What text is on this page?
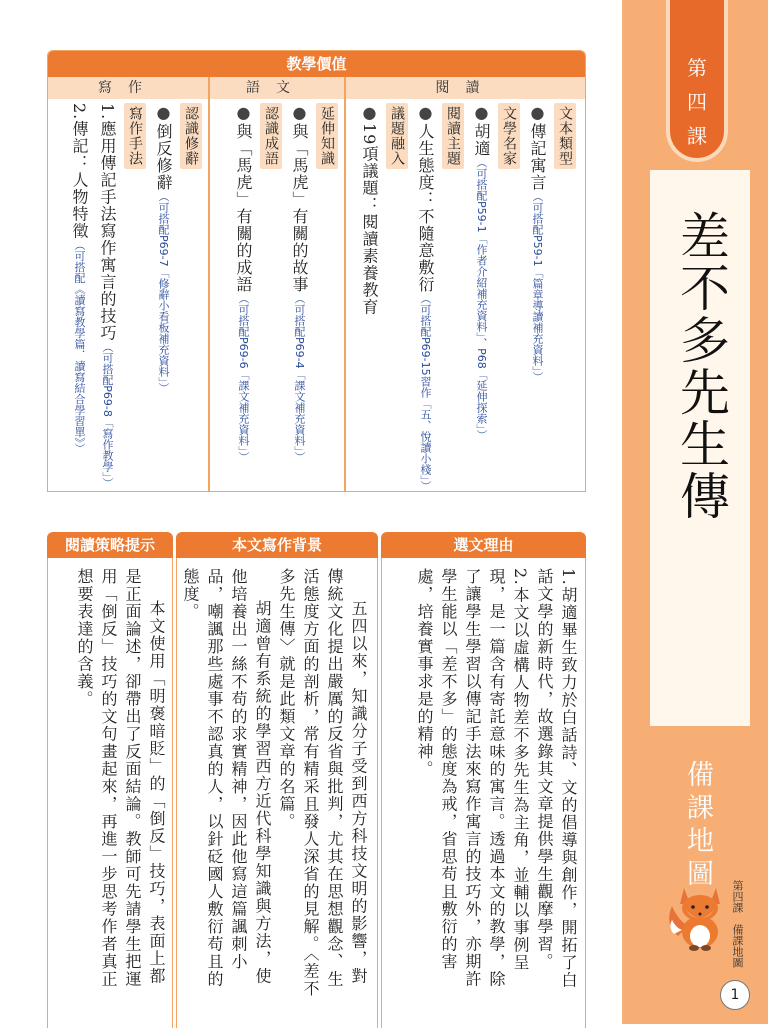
第
四
課
差不多先生傳
備課地圖
第四課　備課地圖
1
教學價值
寫作	語文	閱讀
文本類型
●傳記寓言（可搭配P59-1「篇章導讀補充資料」）
文學名家
●胡適（可搭配P59-1「作者介紹補充資料」、P68「延伸探索」）
閱讀主題
●人生態度：不隨意敷衍（可搭配P69-15習作「五、悅讀小棧」）
議題融入
●19項議題：閱讀素養教育
延伸知識
●與「馬虎」有關的故事（可搭配P69-4「課文補充資料」）
認識成語
●與「馬虎」有關的成語（可搭配P69-6「課文補充資料」）
認識修辭
●倒反修辭（可搭配P69-7「修辭小看板補充資料」）
寫作手法
1.應用傳記手法寫作寓言的技巧（可搭配P69-8「寫作教學」）
2.傳記：人物特徵（可搭配《讀寫教學篇．讀寫結合學習單》）
選文理由
本文寫作背景
閱讀策略提示
1.胡適畢生致力於白話詩、文的倡導與創作，開拓了白話文學的新時代，故選錄其文章提供學生觀摩學習。
2.本文以虛構人物差不多先生為主角，並輔以事例呈現，是一篇含有寄託意味的寓言。透過本文的教學，除了讓學生學習以傳記手法來寫作寓言的技巧外，亦期許學生能以「差不多」的態度為戒，省思苟且敷衍的害處，培養實事求是的精神。
五四以來，知識分子受到西方科技文明的影響，對傳統文化提出嚴厲的反省與批判，尤其在思想觀念、生活態度方面的剖析，常有精采且發人深省的見解。〈差不多先生傳〉就是此類文章的名篇。
胡適曾有系統的學習西方近代科學知識與方法，使他培養出一絲不苟的求實精神，因此他寫這篇諷刺小品，嘲諷那些處事不認真的人，以針砭國人敷衍苟且的態度。
本文使用「明褒暗貶」的「倒反」技巧，表面上都是正面論述，卻帶出了反面結論。教師可先請學生把運用「倒反」技巧的文句畫起來，再進一步思考作者真正想要表達的含義。
